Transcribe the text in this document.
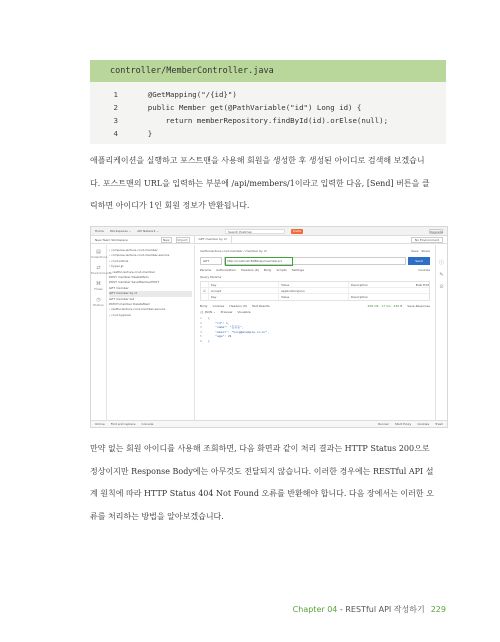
controller/MemberController.java
1	@GetMapping("/{id}")
2	public Member get(@PathVariable("id") Long id) {
3	return memberRepository.findById(id).orElse(null);
4	}

애플리케이션을 실행하고 포스트맨을 사용해 회원을 생성한 후 생성된 아이디로 검색해 보겠습니

다. 포스트맨의 URL을 입력하는 부분에 /api/members/1이라고 입력한 다음, [Send] 버튼을 클

릭하면 아이디가 1인 회원 정보가 반환됩니다.

Home Workspaces ⌄ API Network ⌄	Search Postman	Invite	Upgrade
New Team Workspace	New	Import	GET member by id	No Environment
▤
Collections
⇄
Environments
⌘
Flows
◷
History
› compose-lecture-crud-member
› compose-lecture-crud-member-service
› crud-article
› hyper-jp
⌄ restful-lecture-crud-member
POST member DeleteMem
POST member SaveMemberPOST
GET member
GET member by id
GET member list
PATCH member DeleteMem
› restful-lecture-crud-member-service
› crud-hypoxia
restful-lecture-crud-member / member by id	Save Share
GET	http://localhost:8080/api/members/1	Send
Params Authorization Headers (6) Body Scripts Settings	Cookies
Query Params
Key	Value	Description	Bulk Edit
☑	Accept	application/json
Key	Value	Description
Body Cookies Headers (5) Test Results	200 OK · 17 ms · 230 B Save Response
{} JSON ⌄ Preview Visualize
1	{
2	"id": 1,
3	"name": "홍길동",
4	"email": "hong@example.co.kr",
5	"age": 24
6	}
ⓘ
✎
⊙
Online Find and replace Console	Runner Start Proxy Cookies Trash

만약 없는 회원 아이디를 사용해 조회하면, 다음 화면과 같이 처리 결과는 HTTP Status 200으로

정상이지만 Response Body에는 아무것도 전달되지 않습니다. 이러한 경우에는 RESTful API 설

계 원칙에 따라 HTTP Status 404 Not Found 오류를 반환해야 합니다. 다음 장에서는 이러한 오

류를 처리하는 방법을 알아보겠습니다.

Chapter 04 - RESTful API 작성하기 229
